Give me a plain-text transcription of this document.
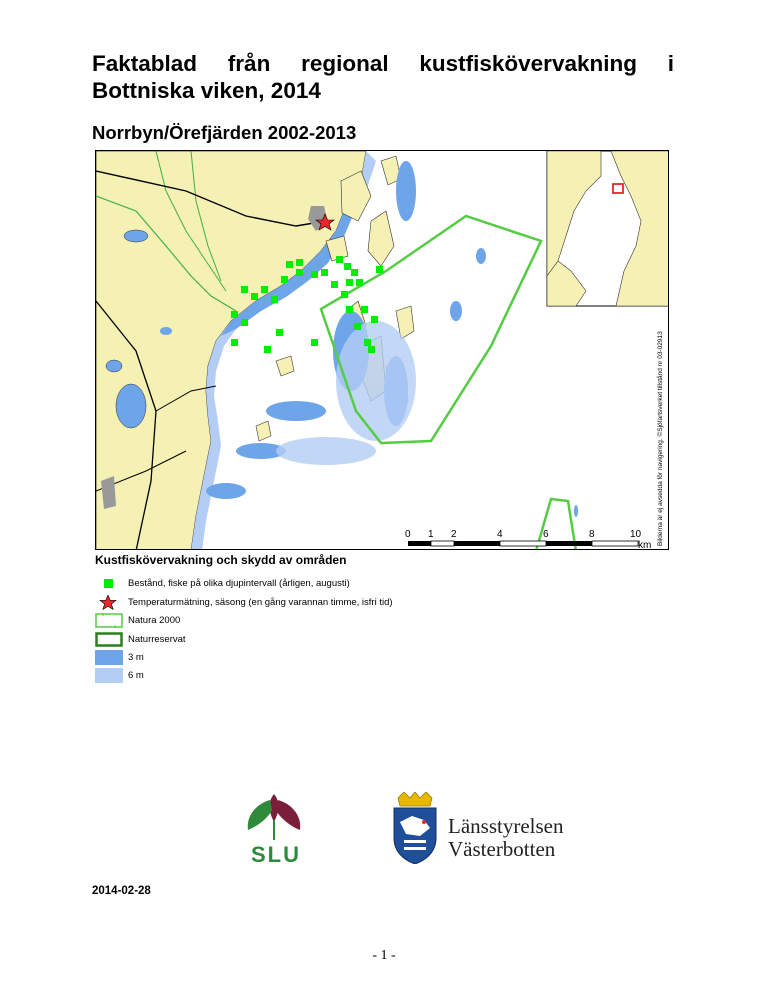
Faktablad från regional kustfiskövervakning i Bottniska viken, 2014
Norrbyn/Örefjärden 2002-2013
0 1 2	4	6	8	10
km Bilderna är ej avsedda för navigering. ©Sjöfartsverket tillstånd nr 03-02913
Kustfiskövervakning och skydd av områden
Bestånd, fiske på olika djupintervall (årligen, augusti)
Temperaturmätning, säsong (en gång varannan timme, isfri tid)
Natura 2000
Naturreservat
3 m
6 m
SLU
Länsstyrelsen
Västerbotten
2014-02-28
- 1 -
